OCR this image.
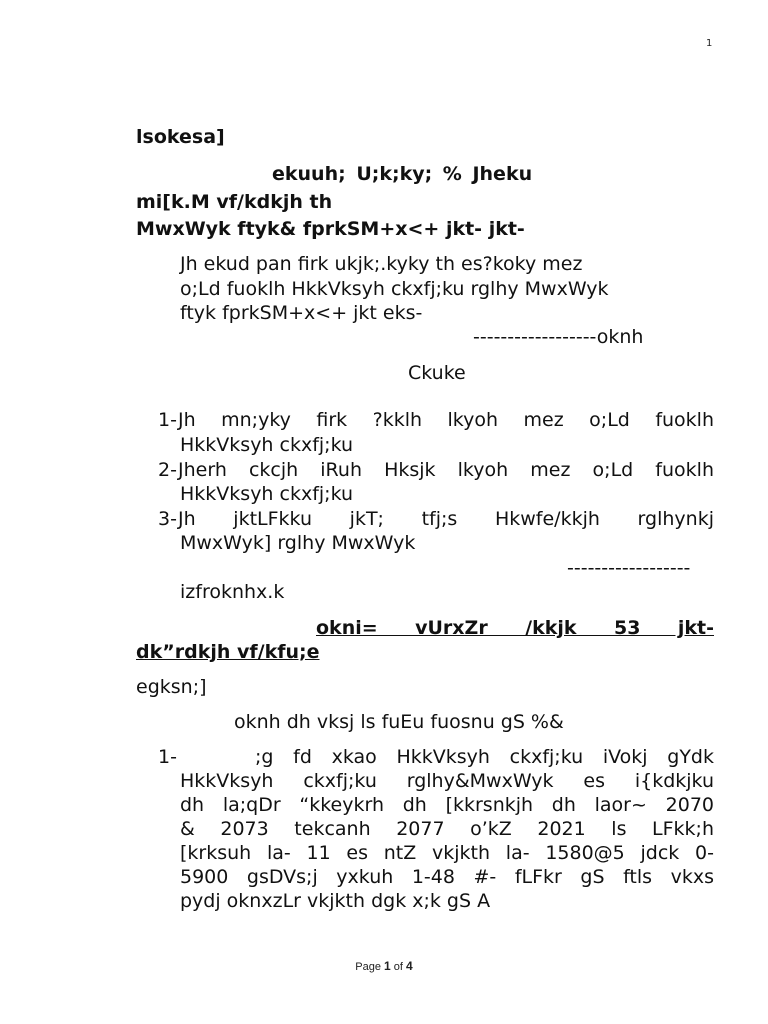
1
lsokesa]
ekuuh; U;k;ky; % Jheku
mi[k.M vf/kdkjh th
MwxWyk ftyk& fprkSM+x<+ jkt- jkt-
Jh ekud pan firk ukjk;.kyky th es?koky mez
o;Ld fuoklh HkkVksyh ckxfj;ku rglhy MwxWyk
ftyk fprkSM+x<+ jkt eks-
------------------oknh
Ckuke
1-Jh mn;yky firk ?kklh lkyoh mez o;Ld fuoklh
HkkVksyh ckxfj;ku
2-Jherh ckcjh iRuh Hksjk lkyoh mez o;Ld fuoklh
HkkVksyh ckxfj;ku
3-Jh jktLFkku jkT; tfj;s Hkwfe/kkjh rglhynkj
MwxWyk] rglhy MwxWyk
------------------
izfroknhx.k
okni= vUrxZr /kkjk 53 jkt-
dk”rdkjh vf/kfu;e
egksn;]
oknh dh vksj ls fuEu fuosnu gS %&
1-	;g fd xkao HkkVksyh ckxfj;ku iVokj gYdk
HkkVksyh ckxfj;ku rglhy&MwxWyk es i{kdkjku
dh la;qDr “kkeykrh dh [kkrsnkjh dh laor~ 2070
& 2073 tekcanh 2077 o’kZ 2021 ls LFkk;h
[krksuh la- 11 es ntZ vkjkth la- 1580@5 jdck 0-
5900 gsDVs;j yxkuh 1-48 #- fLFkr gS ftls vkxs
pydj oknxzLr vkjkth dgk x;k gS A
Page 1 of 4
